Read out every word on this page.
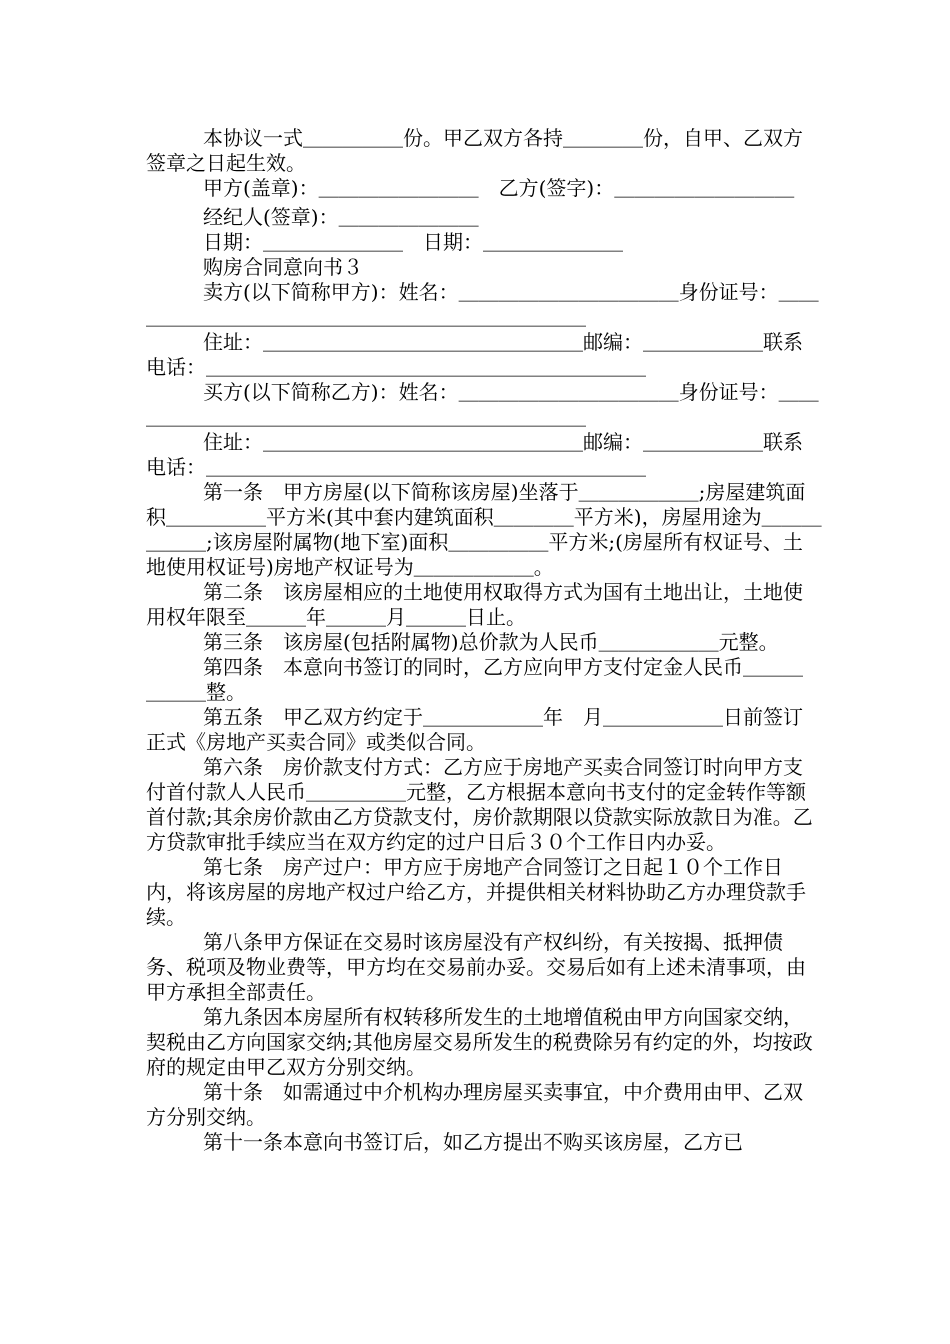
本协议一式＿＿＿＿＿份。甲乙双方各持＿＿＿＿份，自甲、乙双方签章之日起生效。

甲方(盖章)：＿＿＿＿＿＿＿＿　乙方(签字)：＿＿＿＿＿＿＿＿＿

经纪人(签章)：＿＿＿＿＿＿＿

日期：＿＿＿＿＿＿＿　日期：＿＿＿＿＿＿＿

购房合同意向书３

卖方(以下简称甲方)：姓名：＿＿＿＿＿＿＿＿＿＿＿身份证号：＿＿＿＿＿＿＿＿＿＿＿＿＿＿＿＿＿＿＿＿＿＿＿＿

住址：＿＿＿＿＿＿＿＿＿＿＿＿＿＿＿＿邮编：＿＿＿＿＿＿联系电话：＿＿＿＿＿＿＿＿＿＿＿＿＿＿＿＿＿＿＿＿＿＿

买方(以下简称乙方)：姓名：＿＿＿＿＿＿＿＿＿＿＿身份证号：＿＿＿＿＿＿＿＿＿＿＿＿＿＿＿＿＿＿＿＿＿＿＿＿

住址：＿＿＿＿＿＿＿＿＿＿＿＿＿＿＿＿邮编：＿＿＿＿＿＿联系电话：＿＿＿＿＿＿＿＿＿＿＿＿＿＿＿＿＿＿＿＿＿＿

第一条　甲方房屋(以下简称该房屋)坐落于＿＿＿＿＿＿;房屋建筑面积＿＿＿＿＿平方米(其中套内建筑面积＿＿＿＿平方米)，房屋用途为＿＿＿＿＿＿;该房屋附属物(地下室)面积＿＿＿＿＿平方米;(房屋所有权证号、土地使用权证号)房地产权证号为＿＿＿＿＿＿。

第二条　该房屋相应的土地使用权取得方式为国有土地出让，土地使用权年限至＿＿＿年＿＿＿月＿＿＿日止。

第三条　该房屋(包括附属物)总价款为人民币＿＿＿＿＿＿元整。

第四条　本意向书签订的同时，乙方应向甲方支付定金人民币＿＿＿＿＿＿整。

第五条　甲乙双方约定于＿＿＿＿＿＿年　月＿＿＿＿＿＿日前签订正式《房地产买卖合同》或类似合同。

第六条　房价款支付方式：乙方应于房地产买卖合同签订时向甲方支付首付款人人民币＿＿＿＿＿元整，乙方根据本意向书支付的定金转作等额首付款;其余房价款由乙方贷款支付，房价款期限以贷款实际放款日为准。乙方贷款审批手续应当在双方约定的过户日后３０个工作日内办妥。

第七条　房产过户：甲方应于房地产合同签订之日起１０个工作日内，将该房屋的房地产权过户给乙方，并提供相关材料协助乙方办理贷款手续。

第八条甲方保证在交易时该房屋没有产权纠纷，有关按揭、抵押债务、税项及物业费等，甲方均在交易前办妥。交易后如有上述未清事项，由甲方承担全部责任。

第九条因本房屋所有权转移所发生的土地增值税由甲方向国家交纳，契税由乙方向国家交纳;其他房屋交易所发生的税费除另有约定的外，均按政府的规定由甲乙双方分别交纳。

第十条　如需通过中介机构办理房屋买卖事宜，中介费用由甲、乙双方分别交纳。

第十一条本意向书签订后，如乙方提出不购买该房屋，乙方已
